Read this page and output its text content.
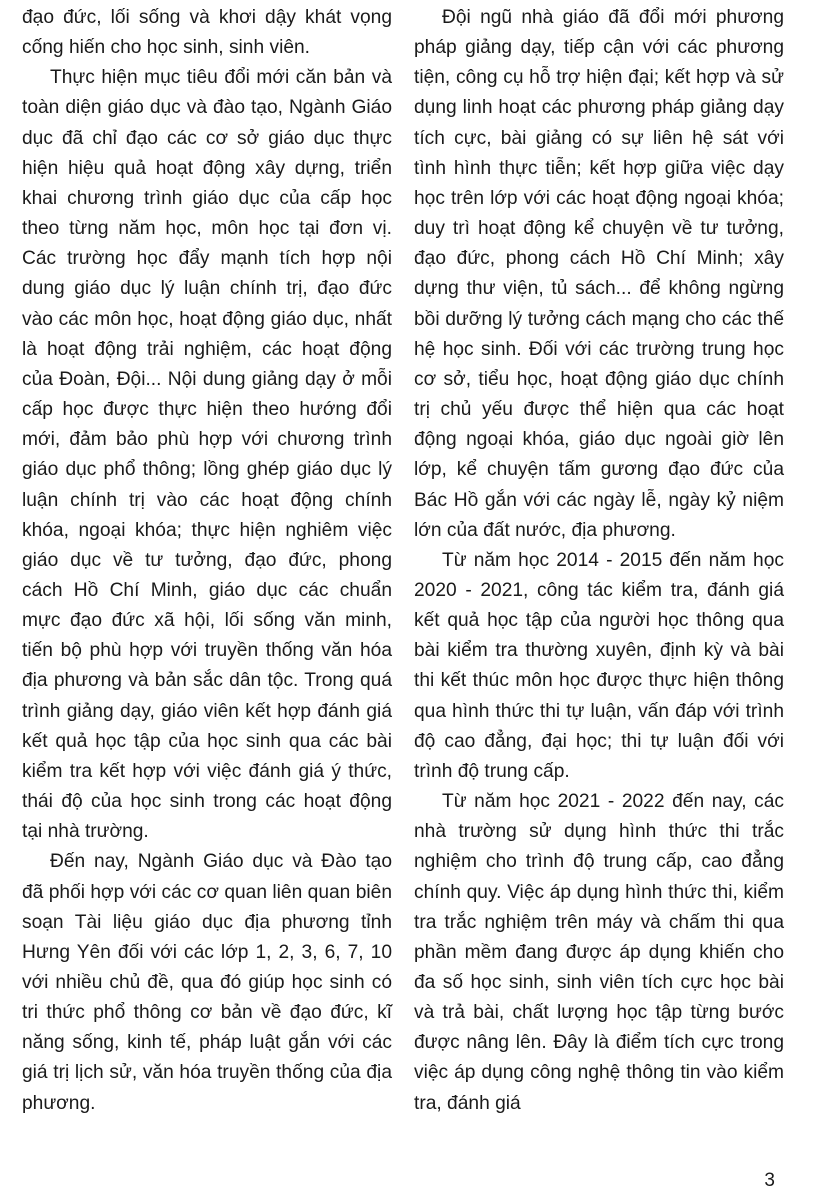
đạo đức, lối sống và khơi dậy khát vọng cống hiến cho học sinh, sinh viên.

Thực hiện mục tiêu đổi mới căn bản và toàn diện giáo dục và đào tạo, Ngành Giáo dục đã chỉ đạo các cơ sở giáo dục thực hiện hiệu quả hoạt động xây dựng, triển khai chương trình giáo dục của cấp học theo từng năm học, môn học tại đơn vị. Các trường học đẩy mạnh tích hợp nội dung giáo dục lý luận chính trị, đạo đức vào các môn học, hoạt động giáo dục, nhất là hoạt động trải nghiệm, các hoạt động của Đoàn, Đội... Nội dung giảng dạy ở mỗi cấp học được thực hiện theo hướng đổi mới, đảm bảo phù hợp với chương trình giáo dục phổ thông; lồng ghép giáo dục lý luận chính trị vào các hoạt động chính khóa, ngoại khóa; thực hiện nghiêm việc giáo dục về tư tưởng, đạo đức, phong cách Hồ Chí Minh, giáo dục các chuẩn mực đạo đức xã hội, lối sống văn minh, tiến bộ phù hợp với truyền thống văn hóa địa phương và bản sắc dân tộc. Trong quá trình giảng dạy, giáo viên kết hợp đánh giá kết quả học tập của học sinh qua các bài kiểm tra kết hợp với việc đánh giá ý thức, thái độ của học sinh trong các hoạt động tại nhà trường.

Đến nay, Ngành Giáo dục và Đào tạo đã phối hợp với các cơ quan liên quan biên soạn Tài liệu giáo dục địa phương tỉnh Hưng Yên đối với các lớp 1, 2, 3, 6, 7, 10 với nhiều chủ đề, qua đó giúp học sinh có tri thức phổ thông cơ bản về đạo đức, kĩ năng sống, kinh tế, pháp luật gắn với các giá trị lịch sử, văn hóa truyền thống của địa phương.

Đội ngũ nhà giáo đã đổi mới phương pháp giảng dạy, tiếp cận với các phương tiện, công cụ hỗ trợ hiện đại; kết hợp và sử dụng linh hoạt các phương pháp giảng dạy tích cực, bài giảng có sự liên hệ sát với tình hình thực tiễn; kết hợp giữa việc dạy học trên lớp với các hoạt động ngoại khóa; duy trì hoạt động kể chuyện về tư tưởng, đạo đức, phong cách Hồ Chí Minh; xây dựng thư viện, tủ sách... để không ngừng bồi dưỡng lý tưởng cách mạng cho các thế hệ học sinh. Đối với các trường trung học cơ sở, tiểu học, hoạt động giáo dục chính trị chủ yếu được thể hiện qua các hoạt động ngoại khóa, giáo dục ngoài giờ lên lớp, kể chuyện tấm gương đạo đức của Bác Hồ gắn với các ngày lễ, ngày kỷ niệm lớn của đất nước, địa phương.

Từ năm học 2014 - 2015 đến năm học 2020 - 2021, công tác kiểm tra, đánh giá kết quả học tập của người học thông qua bài kiểm tra thường xuyên, định kỳ và bài thi kết thúc môn học được thực hiện thông qua hình thức thi tự luận, vấn đáp với trình độ cao đẳng, đại học; thi tự luận đối với trình độ trung cấp.

Từ năm học 2021 - 2022 đến nay, các nhà trường sử dụng hình thức thi trắc nghiệm cho trình độ trung cấp, cao đẳng chính quy. Việc áp dụng hình thức thi, kiểm tra trắc nghiệm trên máy và chấm thi qua phần mềm đang được áp dụng khiến cho đa số học sinh, sinh viên tích cực học bài và trả bài, chất lượng học tập từng bước được nâng lên. Đây là điểm tích cực trong việc áp dụng công nghệ thông tin vào kiểm tra, đánh giá

3
